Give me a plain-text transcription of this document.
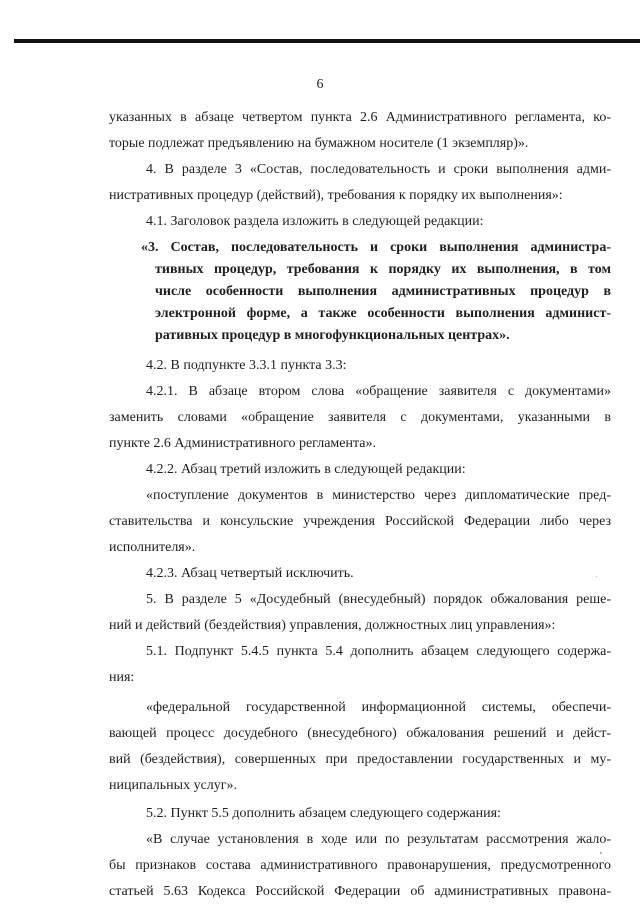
6
указанных в абзаце четвертом пункта 2.6 Административного регламента, ко-
торые подлежат предъявлению на бумажном носителе (1 экземпляр)».
4. В разделе 3 «Состав, последовательность и сроки выполнения адми-
нистративных процедур (действий), требования к порядку их выполнения»:
4.1. Заголовок раздела изложить в следующей редакции:
«3. Состав, последовательность и сроки выполнения администра-
тивных процедур, требования к порядку их выполнения, в том
числе особенности выполнения административных процедур в
электронной форме, а также особенности выполнения админист-
ративных процедур в многофункциональных центрах».
4.2. В подпункте 3.3.1 пункта 3.3:
4.2.1. В абзаце втором слова «обращение заявителя с документами»
заменить словами «обращение заявителя с документами, указанными в
пункте 2.6 Административного регламента».
4.2.2. Абзац третий изложить в следующей редакции:
«поступление документов в министерство через дипломатические пред-
ставительства и консульские учреждения Российской Федерации либо через
исполнителя».
4.2.3. Абзац четвертый исключить.
5. В разделе 5 «Досудебный (внесудебный) порядок обжалования реше-
ний и действий (бездействия) управления, должностных лиц управления»:
5.1. Подпункт 5.4.5 пункта 5.4 дополнить абзацем следующего содержа-
ния:
«федеральной государственной информационной системы, обеспечи-
вающей процесс досудебного (внесудебного) обжалования решений и дейст-
вий (бездействия), совершенных при предоставлении государственных и му-
ниципальных услуг».
5.2. Пункт 5.5 дополнить абзацем следующего содержания:
«В случае установления в ходе или по результатам рассмотрения жало-
бы признаков состава административного правонарушения, предусмотренного
статьей 5.63 Кодекса Российской Федерации об административных правона-
